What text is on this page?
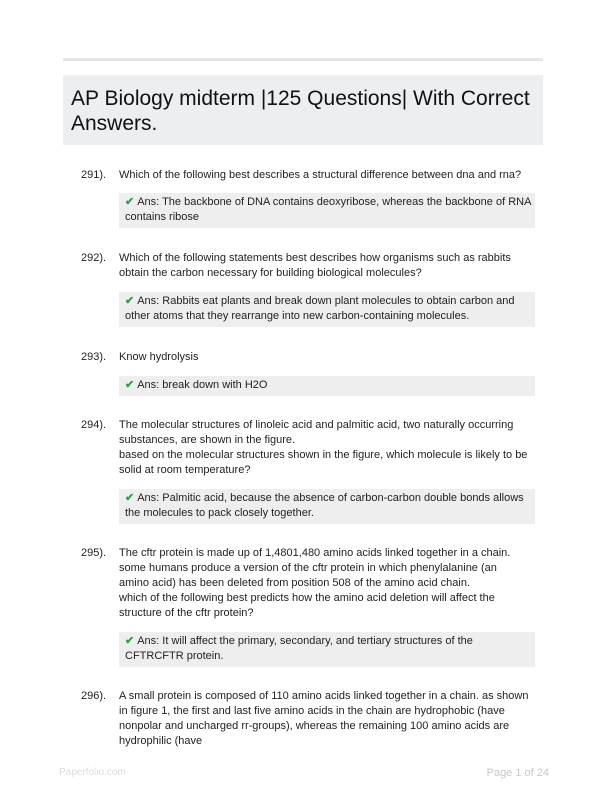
AP Biology midterm |125 Questions| With Correct Answers.
291). Which of the following best describes a structural difference between dna and rna?
✔ Ans: The backbone of DNA contains deoxyribose, whereas the backbone of RNA contains ribose
292). Which of the following statements best describes how organisms such as rabbits obtain the carbon necessary for building biological molecules?
✔ Ans: Rabbits eat plants and break down plant molecules to obtain carbon and other atoms that they rearrange into new carbon-containing molecules.
293). Know hydrolysis
✔ Ans: break down with H2O
294). The molecular structures of linoleic acid and palmitic acid, two naturally occurring substances, are shown in the figure.
based on the molecular structures shown in the figure, which molecule is likely to be solid at room temperature?
✔ Ans: Palmitic acid, because the absence of carbon-carbon double bonds allows the molecules to pack closely together.
295). The cftr protein is made up of 1,4801,480 amino acids linked together in a chain. some humans produce a version of the cftr protein in which phenylalanine (an amino acid) has been deleted from position 508 of the amino acid chain.
which of the following best predicts how the amino acid deletion will affect the structure of the cftr protein?
✔ Ans: It will affect the primary, secondary, and tertiary structures of the CFTRCFTR protein.
296). A small protein is composed of 110 amino acids linked together in a chain. as shown in figure 1, the first and last five amino acids in the chain are hydrophobic (have nonpolar and uncharged rr-groups), whereas the remaining 100 amino acids are hydrophilic (have
Paperfolio.com	Page 1 of 24
